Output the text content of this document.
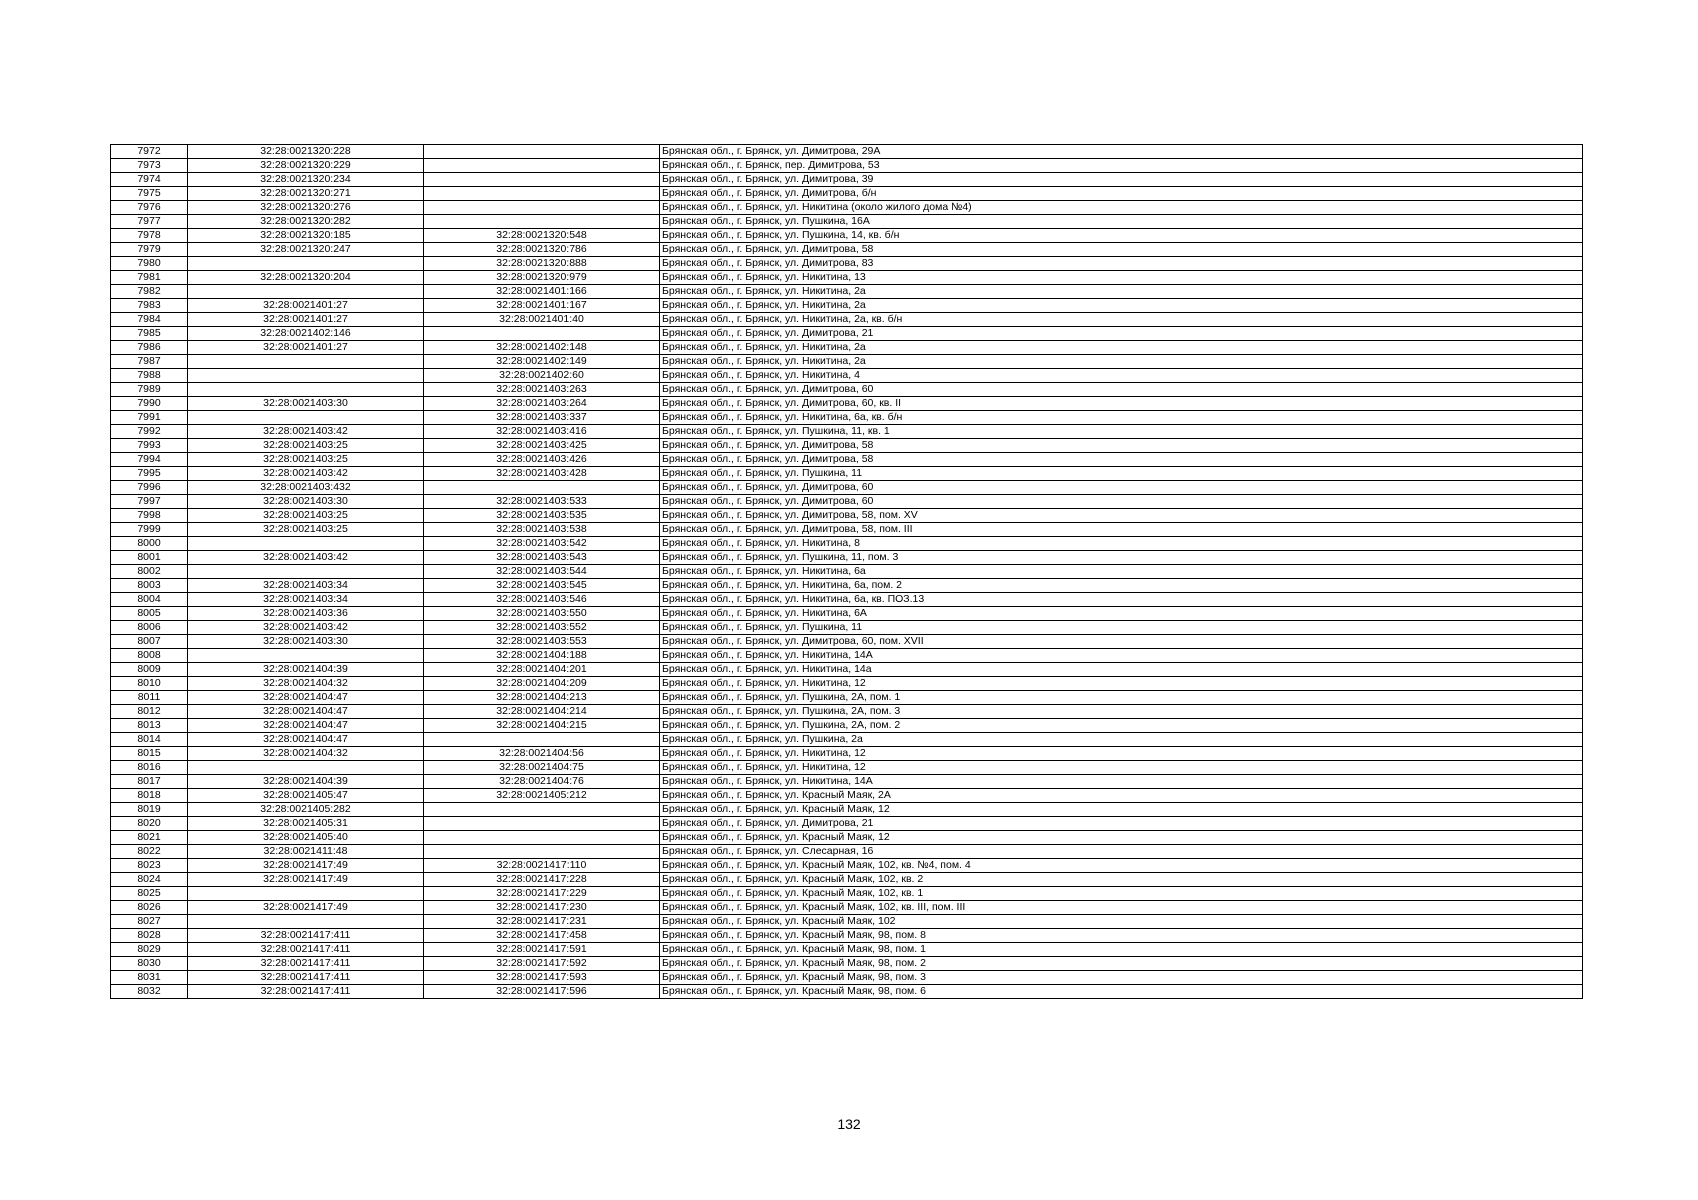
7972	32:28:0021320:228		Брянская обл., г. Брянск, ул. Димитрова, 29А
7973	32:28:0021320:229		Брянская обл., г. Брянск, пер. Димитрова, 53
7974	32:28:0021320:234		Брянская обл., г. Брянск, ул. Димитрова, 39
7975	32:28:0021320:271		Брянская обл., г. Брянск, ул. Димитрова, б/н
7976	32:28:0021320:276		Брянская обл., г. Брянск, ул. Никитина (около жилого дома №4)
7977	32:28:0021320:282		Брянская обл., г. Брянск, ул. Пушкина, 16А
7978	32:28:0021320:185	32:28:0021320:548	Брянская обл., г. Брянск, ул. Пушкина, 14, кв. б/н
7979	32:28:0021320:247	32:28:0021320:786	Брянская обл., г. Брянск, ул. Димитрова, 58
7980		32:28:0021320:888	Брянская обл., г. Брянск, ул. Димитрова, 83
7981	32:28:0021320:204	32:28:0021320:979	Брянская обл., г. Брянск, ул. Никитина, 13
7982		32:28:0021401:166	Брянская обл., г. Брянск, ул. Никитина, 2а
7983	32:28:0021401:27	32:28:0021401:167	Брянская обл., г. Брянск, ул. Никитина, 2а
7984	32:28:0021401:27	32:28:0021401:40	Брянская обл., г. Брянск, ул. Никитина, 2а, кв. б/н
7985	32:28:0021402:146		Брянская обл., г. Брянск, ул. Димитрова, 21
7986	32:28:0021401:27	32:28:0021402:148	Брянская обл., г. Брянск, ул. Никитина, 2а
7987		32:28:0021402:149	Брянская обл., г. Брянск, ул. Никитина, 2а
7988		32:28:0021402:60	Брянская обл., г. Брянск, ул. Никитина, 4
7989		32:28:0021403:263	Брянская обл., г. Брянск, ул. Димитрова, 60
7990	32:28:0021403:30	32:28:0021403:264	Брянская обл., г. Брянск, ул. Димитрова, 60, кв. II
7991		32:28:0021403:337	Брянская обл., г. Брянск, ул. Никитина, 6а, кв. б/н
7992	32:28:0021403:42	32:28:0021403:416	Брянская обл., г. Брянск, ул. Пушкина, 11, кв. 1
7993	32:28:0021403:25	32:28:0021403:425	Брянская обл., г. Брянск, ул. Димитрова, 58
7994	32:28:0021403:25	32:28:0021403:426	Брянская обл., г. Брянск, ул. Димитрова, 58
7995	32:28:0021403:42	32:28:0021403:428	Брянская обл., г. Брянск, ул. Пушкина, 11
7996	32:28:0021403:432		Брянская обл., г. Брянск, ул. Димитрова, 60
7997	32:28:0021403:30	32:28:0021403:533	Брянская обл., г. Брянск, ул. Димитрова, 60
7998	32:28:0021403:25	32:28:0021403:535	Брянская обл., г. Брянск, ул. Димитрова, 58, пом. XV
7999	32:28:0021403:25	32:28:0021403:538	Брянская обл., г. Брянск, ул. Димитрова, 58, пом. III
8000		32:28:0021403:542	Брянская обл., г. Брянск, ул. Никитина, 8
8001	32:28:0021403:42	32:28:0021403:543	Брянская обл., г. Брянск, ул. Пушкина, 11, пом. 3
8002		32:28:0021403:544	Брянская обл., г. Брянск, ул. Никитина, 6а
8003	32:28:0021403:34	32:28:0021403:545	Брянская обл., г. Брянск, ул. Никитина, 6а, пом. 2
8004	32:28:0021403:34	32:28:0021403:546	Брянская обл., г. Брянск, ул. Никитина, 6а, кв. ПОЗ.13
8005	32:28:0021403:36	32:28:0021403:550	Брянская обл., г. Брянск, ул. Никитина, 6А
8006	32:28:0021403:42	32:28:0021403:552	Брянская обл., г. Брянск, ул. Пушкина, 11
8007	32:28:0021403:30	32:28:0021403:553	Брянская обл., г. Брянск, ул. Димитрова, 60, пом. XVII
8008		32:28:0021404:188	Брянская обл., г. Брянск, ул. Никитина, 14А
8009	32:28:0021404:39	32:28:0021404:201	Брянская обл., г. Брянск, ул. Никитина, 14а
8010	32:28:0021404:32	32:28:0021404:209	Брянская обл., г. Брянск, ул. Никитина, 12
8011	32:28:0021404:47	32:28:0021404:213	Брянская обл., г. Брянск, ул. Пушкина, 2А, пом. 1
8012	32:28:0021404:47	32:28:0021404:214	Брянская обл., г. Брянск, ул. Пушкина, 2А, пом. 3
8013	32:28:0021404:47	32:28:0021404:215	Брянская обл., г. Брянск, ул. Пушкина, 2А, пом. 2
8014	32:28:0021404:47		Брянская обл., г. Брянск, ул. Пушкина, 2а
8015	32:28:0021404:32	32:28:0021404:56	Брянская обл., г. Брянск, ул. Никитина, 12
8016		32:28:0021404:75	Брянская обл., г. Брянск, ул. Никитина, 12
8017	32:28:0021404:39	32:28:0021404:76	Брянская обл., г. Брянск, ул. Никитина, 14А
8018	32:28:0021405:47	32:28:0021405:212	Брянская обл., г. Брянск, ул. Красный Маяк, 2А
8019	32:28:0021405:282		Брянская обл., г. Брянск, ул. Красный Маяк, 12
8020	32:28:0021405:31		Брянская обл., г. Брянск, ул. Димитрова, 21
8021	32:28:0021405:40		Брянская обл., г. Брянск, ул. Красный Маяк, 12
8022	32:28:0021411:48		Брянская обл., г. Брянск, ул. Слесарная, 16
8023	32:28:0021417:49	32:28:0021417:110	Брянская обл., г. Брянск, ул. Красный Маяк, 102, кв. №4, пом. 4
8024	32:28:0021417:49	32:28:0021417:228	Брянская обл., г. Брянск, ул. Красный Маяк, 102, кв. 2
8025		32:28:0021417:229	Брянская обл., г. Брянск, ул. Красный Маяк, 102, кв. 1
8026	32:28:0021417:49	32:28:0021417:230	Брянская обл., г. Брянск, ул. Красный Маяк, 102, кв. III, пом. III
8027		32:28:0021417:231	Брянская обл., г. Брянск, ул. Красный Маяк, 102
8028	32:28:0021417:411	32:28:0021417:458	Брянская обл., г. Брянск, ул. Красный Маяк, 98, пом. 8
8029	32:28:0021417:411	32:28:0021417:591	Брянская обл., г. Брянск, ул. Красный Маяк, 98, пом. 1
8030	32:28:0021417:411	32:28:0021417:592	Брянская обл., г. Брянск, ул. Красный Маяк, 98, пом. 2
8031	32:28:0021417:411	32:28:0021417:593	Брянская обл., г. Брянск, ул. Красный Маяк, 98, пом. 3
8032	32:28:0021417:411	32:28:0021417:596	Брянская обл., г. Брянск, ул. Красный Маяк, 98, пом. 6
132
